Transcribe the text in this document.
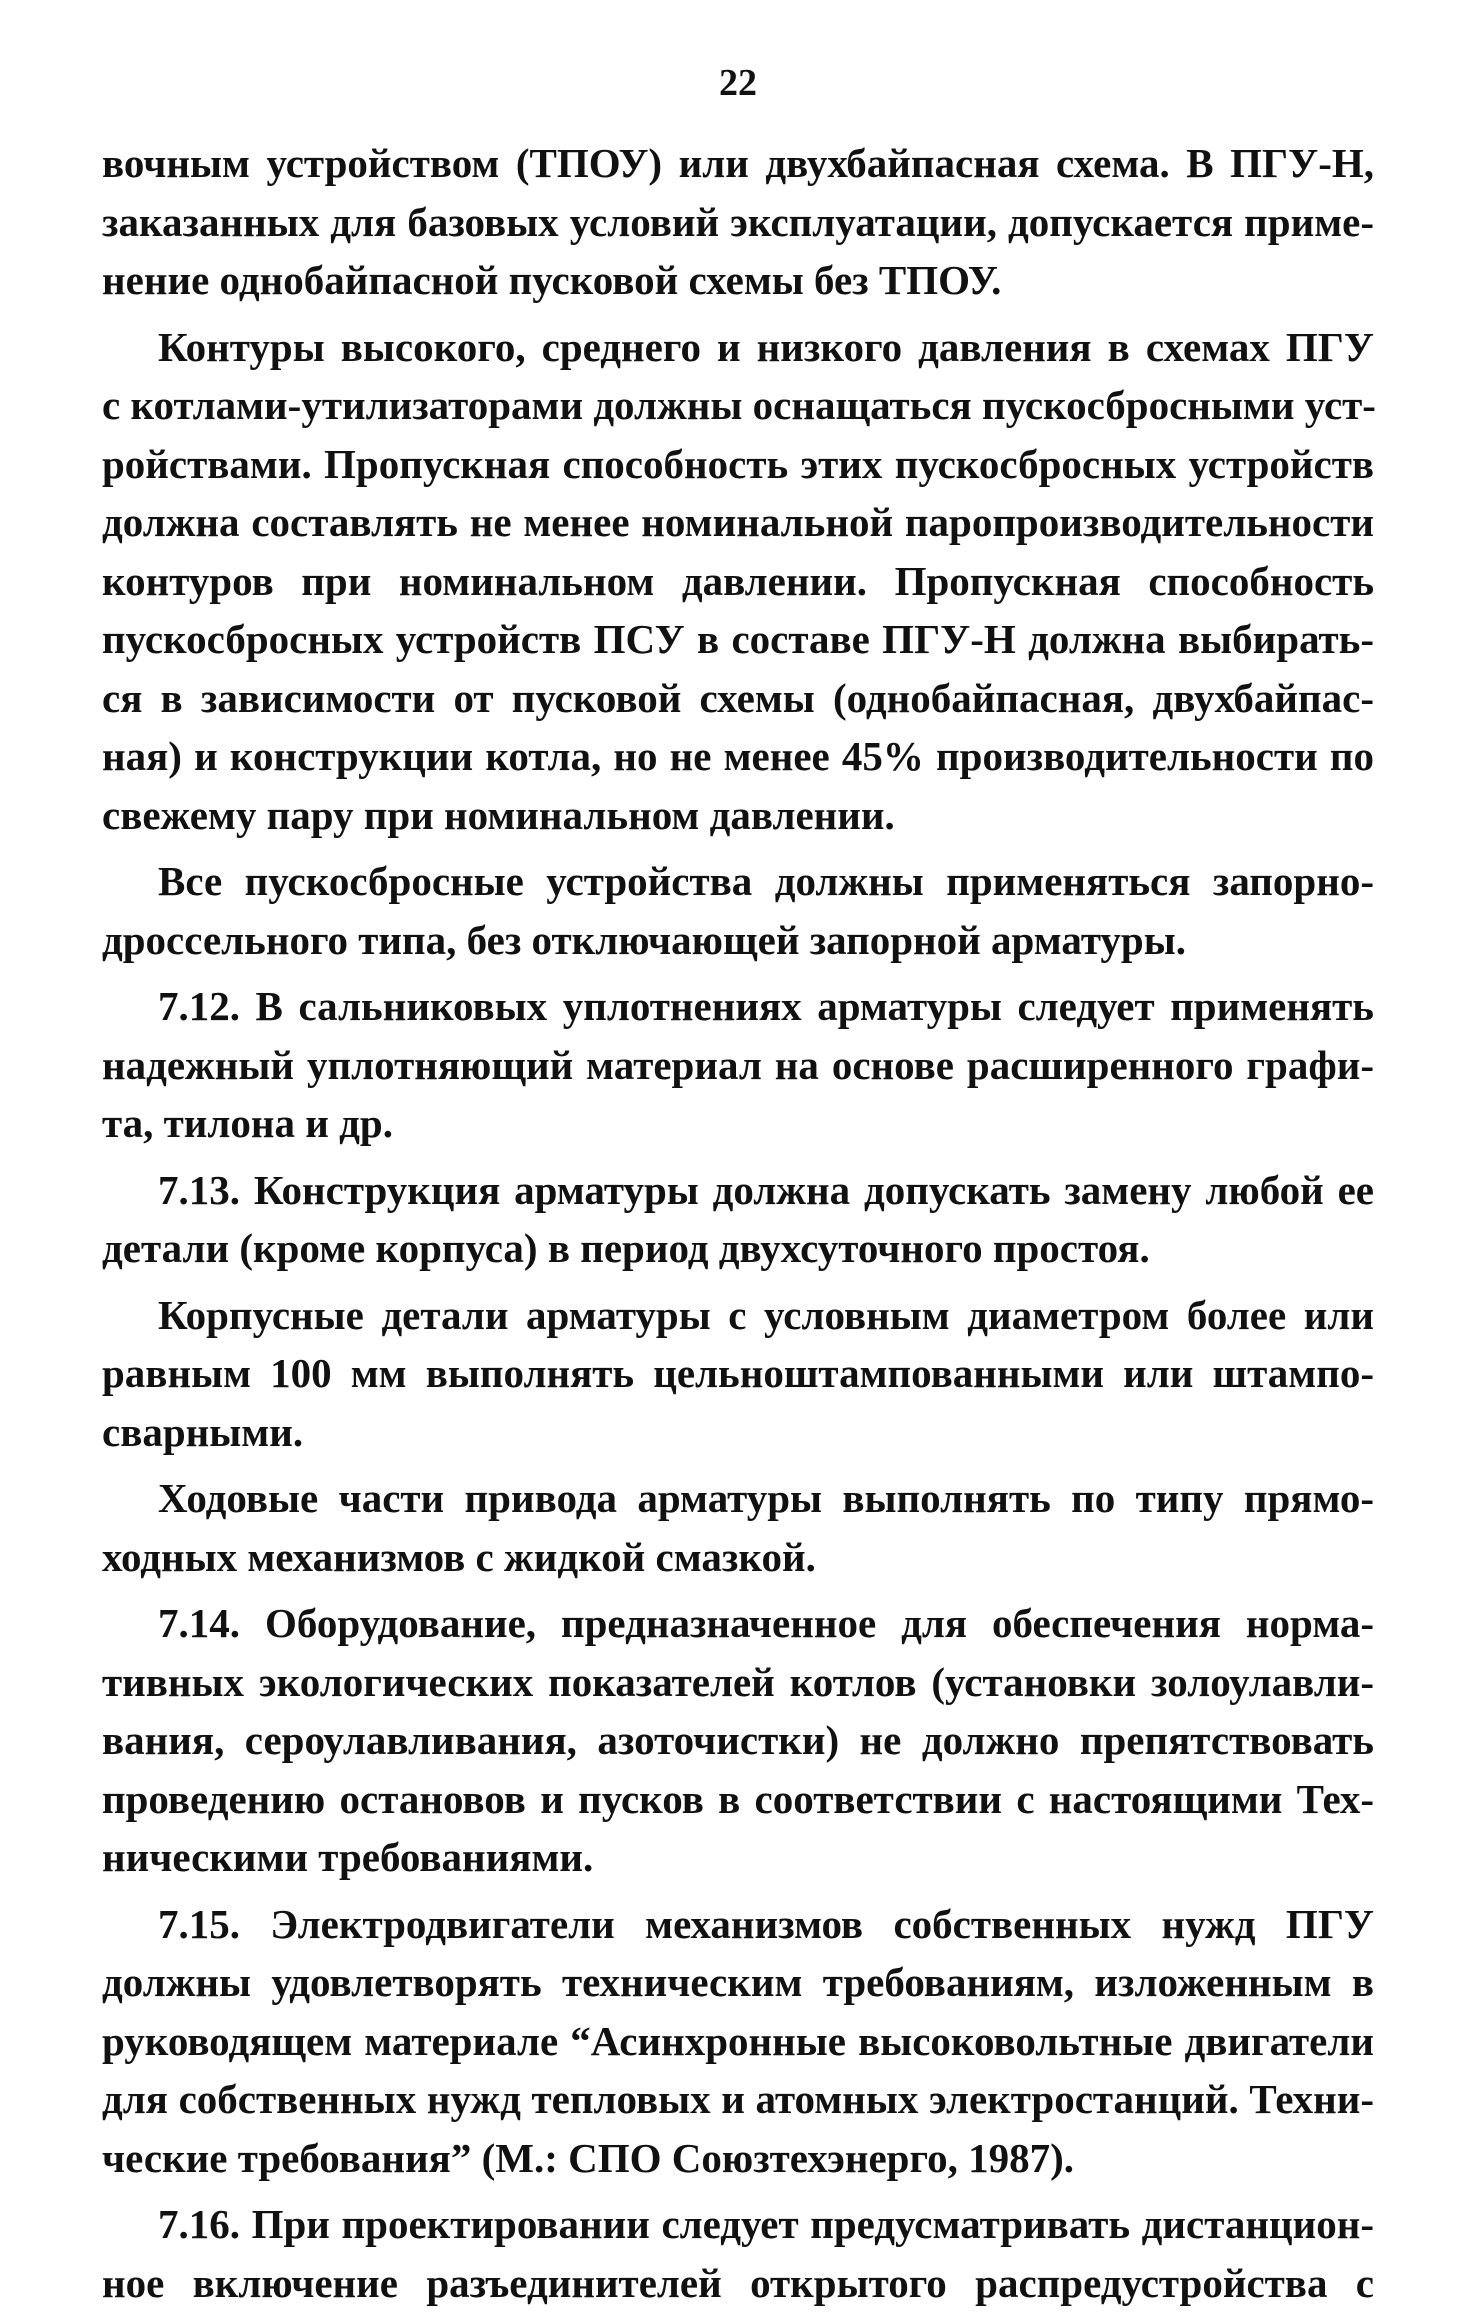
22

вочным устройством (ТПОУ) или двухбайпасная схема. В ПГУ-Н,
заказанных для базовых условий эксплуатации, допускается приме-
нение однобайпасной пусковой схемы без ТПОУ.

Контуры высокого, среднего и низкого давления в схемах ПГУ
с котлами-утилизаторами должны оснащаться пускосбросными уст-
ройствами. Пропускная способность этих пускосбросных устройств
должна составлять не менее номинальной паропроизводительности
контуров при номинальном давлении. Пропускная способность
пускосбросных устройств ПСУ в составе ПГУ-Н должна выбирать-
ся в зависимости от пусковой схемы (однобайпасная, двухбайпас-
ная) и конструкции котла, но не менее 45% производительности по
свежему пару при номинальном давлении.

Все пускосбросные устройства должны применяться запорно-
дроссельного типа, без отключающей запорной арматуры.

7.12. В сальниковых уплотнениях арматуры следует применять
надежный уплотняющий материал на основе расширенного графи-
та, тилона и др.

7.13. Конструкция арматуры должна допускать замену любой ее
детали (кроме корпуса) в период двухсуточного простоя.

Корпусные детали арматуры с условным диаметром более или
равным 100 мм выполнять цельноштампованными или штампо-
сварными.

Ходовые части привода арматуры выполнять по типу прямо-
ходных механизмов с жидкой смазкой.

7.14. Оборудование, предназначенное для обеспечения норма-
тивных экологических показателей котлов (установки золоулавли-
вания, сероулавливания, азоточистки) не должно препятствовать
проведению остановов и пусков в соответствии с настоящими Тех-
ническими требованиями.

7.15. Электродвигатели механизмов собственных нужд ПГУ
должны удовлетворять техническим требованиям, изложенным в
руководящем материале “Асинхронные высоковольтные двигатели
для собственных нужд тепловых и атомных электростанций. Техни-
ческие требования” (М.: СПО Союзтехэнерго, 1987).

7.16. При проектировании следует предусматривать дистанцион-
ное включение разъединителей открытого распредустройства с
